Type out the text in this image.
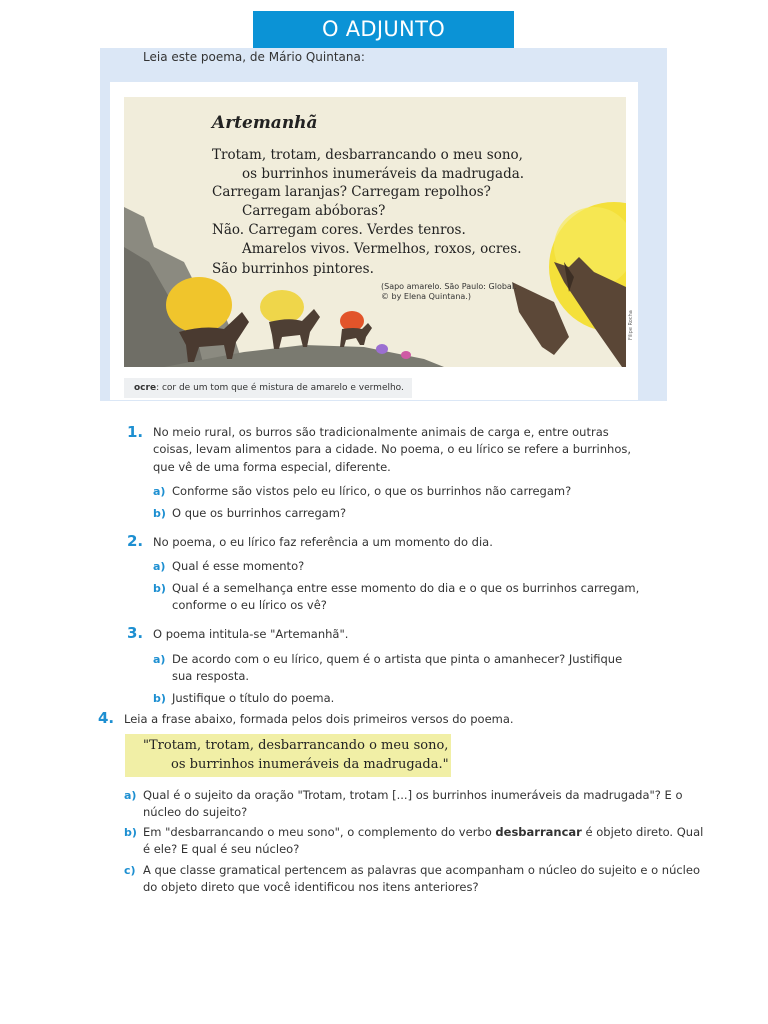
O ADJUNTO
Leia este poema, de Mário Quintana:
Artemanhã
Trotam, trotam, desbarrancando o meu sono,
os burrinhos inumeráveis da madrugada.
Carregam laranjas? Carregam repolhos?
Carregam abóboras?
Não. Carregam cores. Verdes tenros.
Amarelos vivos. Vermelhos, roxos, ocres.
São burrinhos pintores.
(Sapo amarelo. São Paulo: Global.
© by Elena Quintana.)
Filipe Rocha
ocre: cor de um tom que é mistura de amarelo e vermelho.
1. No meio rural, os burros são tradicionalmente animais de carga e, entre outras
coisas, levam alimentos para a cidade. No poema, o eu lírico se refere a burrinhos,
que vê de uma forma especial, diferente.
a) Conforme são vistos pelo eu lírico, o que os burrinhos não carregam?
b) O que os burrinhos carregam?
2. No poema, o eu lírico faz referência a um momento do dia.
a) Qual é esse momento?
b) Qual é a semelhança entre esse momento do dia e o que os burrinhos carregam,
conforme o eu lírico os vê?
3. O poema intitula-se "Artemanhã".
a) De acordo com o eu lírico, quem é o artista que pinta o amanhecer? Justifique
sua resposta.
b) Justifique o título do poema.
4. Leia a frase abaixo, formada pelos dois primeiros versos do poema.
"Trotam, trotam, desbarrancando o meu sono,
os burrinhos inumeráveis da madrugada."
a) Qual é o sujeito da oração "Trotam, trotam [...] os burrinhos inumeráveis da madrugada"? E o
núcleo do sujeito?
b) Em "desbarrancando o meu sono", o complemento do verbo desbarrancar é objeto direto. Qual
é ele? E qual é seu núcleo?
c) A que classe gramatical pertencem as palavras que acompanham o núcleo do sujeito e o núcleo
do objeto direto que você identificou nos itens anteriores?
